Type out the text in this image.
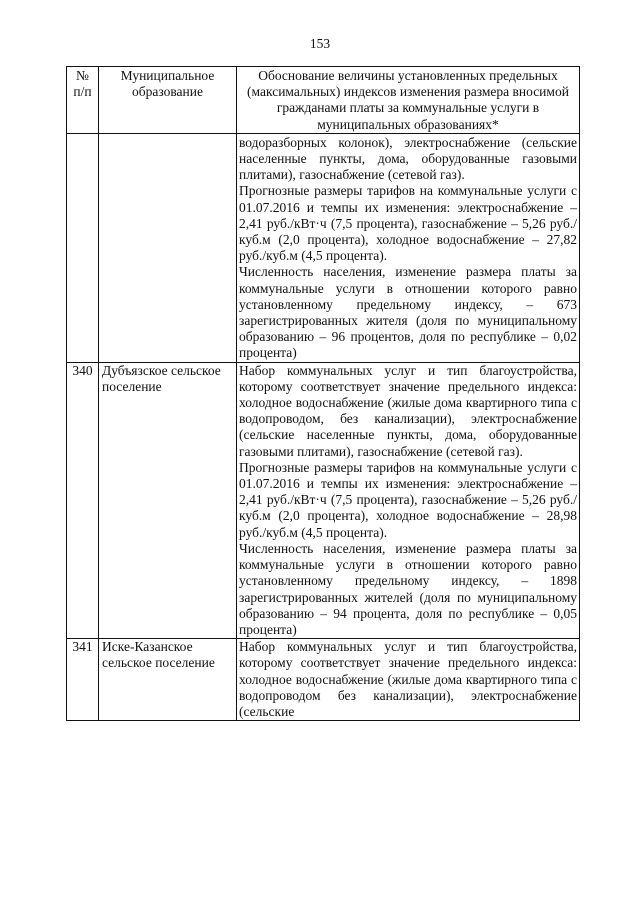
153
№ п/п	Муниципальное образование	Обоснование величины установленных предельных (максимальных) индексов изменения размера вносимой гражданами платы за коммунальные услуги в муниципальных образованиях*

		водоразборных колонок), электроснабжение (сельские населенные пункты, дома, оборудованные газовыми плитами), газоснабжение (сетевой газ).

Прогнозные размеры тарифов на коммунальные услуги с 01.07.2016 и темпы их изменения: электроснабжение – 2,41 руб./кВт·ч (7,5 процента), газоснабжение – 5,26 руб./куб.м (2,0 процента), холодное водоснабжение – 27,82 руб./куб.м (4,5 процента).

Численность населения, изменение размера платы за коммунальные услуги в отношении которого равно установленному предельному индексу, – 673 зарегистрированных жителя (доля по муниципальному образованию – 96 процентов, доля по республике – 0,02 процента)

340	Дубъязское сельское поселение	Набор коммунальных услуг и тип благоустройства, которому соответствует значение предельного индекса: холодное водоснабжение (жилые дома квартирного типа с водопроводом, без канализации), электроснабжение (сельские населенные пункты, дома, оборудованные газовыми плитами), газоснабжение (сетевой газ).

Прогнозные размеры тарифов на коммунальные услуги с 01.07.2016 и темпы их изменения: электроснабжение – 2,41 руб./кВт·ч (7,5 процента), газоснабжение – 5,26 руб./куб.м (2,0 процента), холодное водоснабжение – 28,98 руб./куб.м (4,5 процента).

Численность населения, изменение размера платы за коммунальные услуги в отношении которого равно установленному предельному индексу, – 1898 зарегистрированных жителей (доля по муниципальному образованию – 94 процента, доля по республике – 0,05 процента)

341	Иске-Казанское сельское поселение	Набор коммунальных услуг и тип благоустройства, которому соответствует значение предельного индекса: холодное водоснабжение (жилые дома квартирного типа с водопроводом без канализации), электроснабжение (сельские
